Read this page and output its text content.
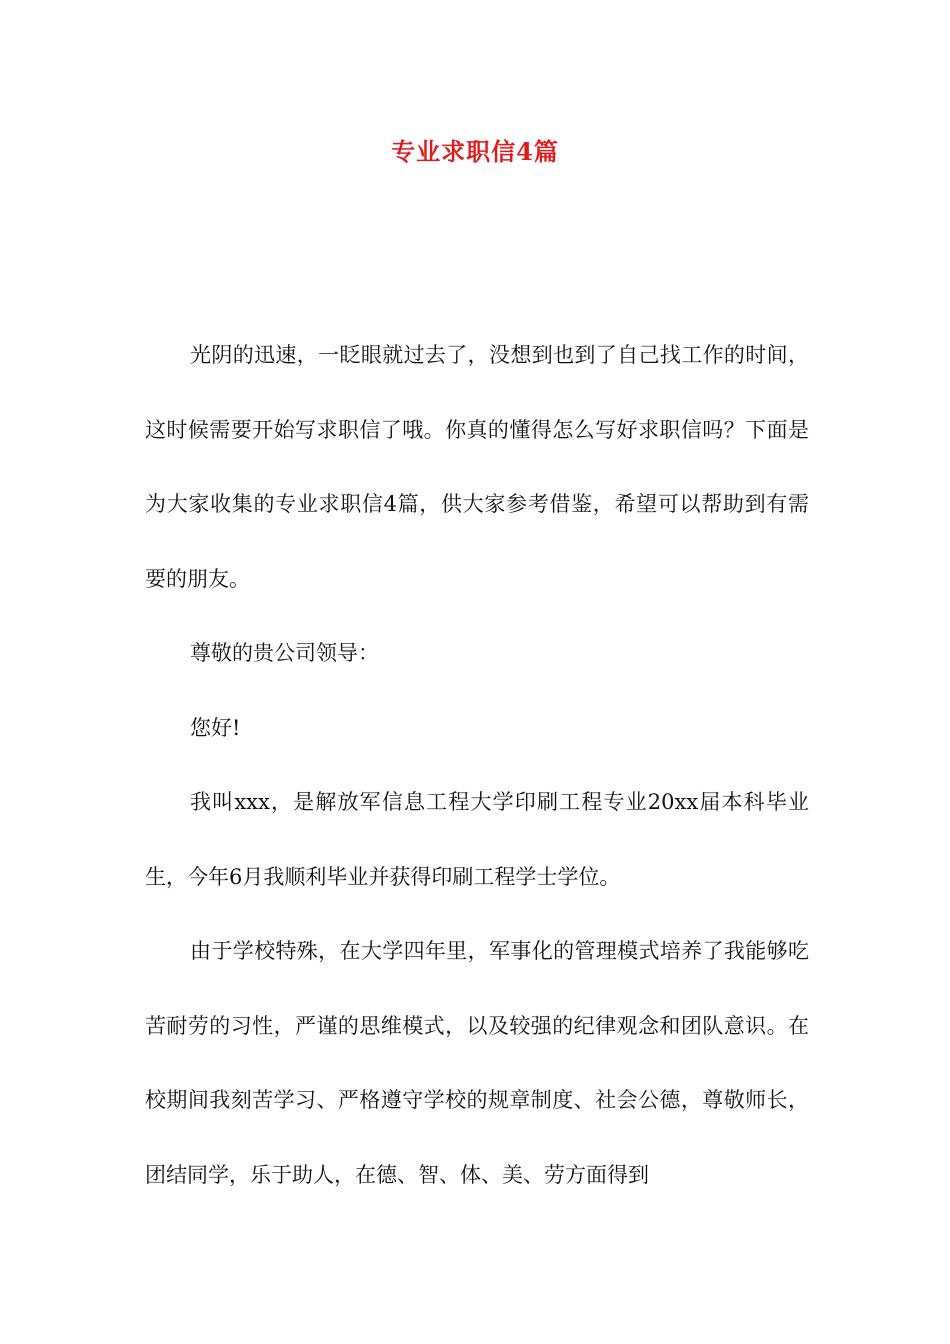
专业求职信4篇

光阴的迅速，一眨眼就过去了，没想到也到了自己找工作的时间，这时候需要开始写求职信了哦。你真的懂得怎么写好求职信吗？下面是为大家收集的专业求职信4篇，供大家参考借鉴，希望可以帮助到有需要的朋友。

尊敬的贵公司领导：

您好!

我叫xxx，是解放军信息工程大学印刷工程专业20xx届本科毕业生，今年6月我顺利毕业并获得印刷工程学士学位。

由于学校特殊，在大学四年里，军事化的管理模式培养了我能够吃苦耐劳的习性，严谨的思维模式，以及较强的纪律观念和团队意识。在校期间我刻苦学习、严格遵守学校的规章制度、社会公德，尊敬师长，团结同学，乐于助人，在德、智、体、美、劳方面得到
